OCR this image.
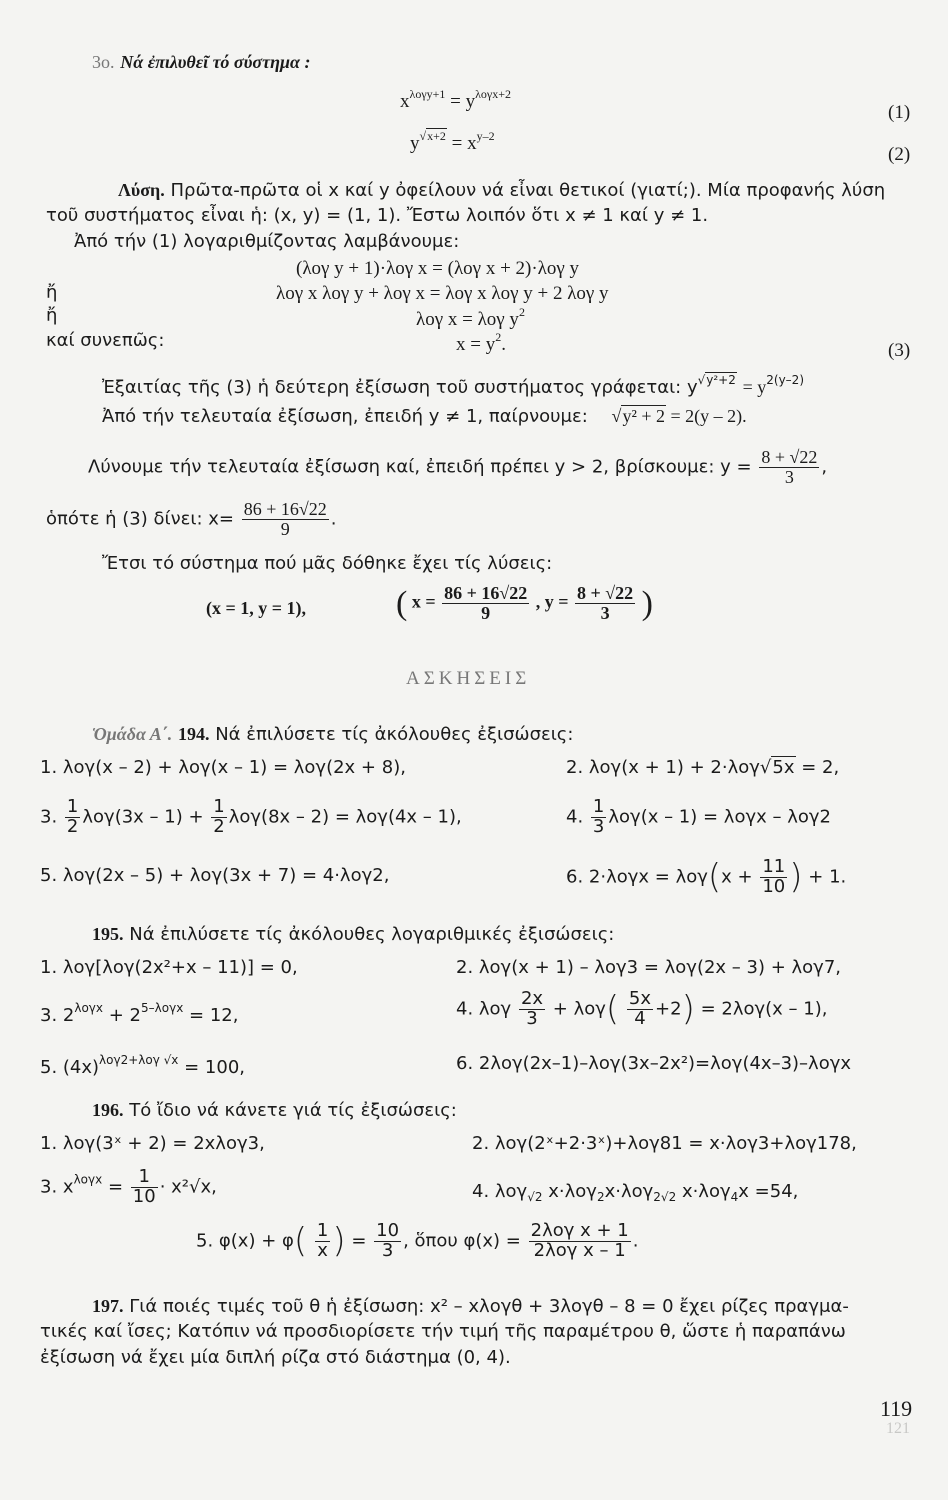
3ο. Νά ἐπιλυθεῖ τό σύστημα :
$x^{\lambda o\gamma y+1} = y^{\lambda o\gamma x+2}$
(1)
$y^{√x+2} = x^{y-2}$
(2)
Λύση. Πρῶτα-πρῶτα οἱ x καί y ὀφείλουν νά εἶναι θετικοί (γιατί;). Μία προφανής λύση
τοῦ συστήματος εἶναι ἡ: (x, y) = (1, 1). Ἔστω λοιπόν ὅτι x ≠ 1 καί y ≠ 1.
Ἀπό τήν (1) λογαριθμίζοντας λαμβάνουμε:
(λογ y + 1)·λογ x = (λογ x + 2)·λογ y
ἤ	λογ x λογ y + λογ x = λογ x λογ y + 2 λογ y
ἤ	λογ x = λογ $y^2$
καί συνεπῶς:	$x = y^2$.	(3)
Ἐξαιτίας τῆς (3) ἡ δεύτερη ἐξίσωση τοῦ συστήματος γράφεται: $y^{√y^2+2} = y^{2(y-2)}$
Ἀπό τήν τελευταία ἐξίσωση, ἐπειδή y ≠ 1, παίρνουμε: √y² + 2 = 2(y – 2).
Λύνουμε τήν τελευταία ἐξίσωση καί, ἐπειδή πρέπει y > 2, βρίσκουμε: $y = \frac{8 + √22}{3}$ ,
ὁπότε ἡ (3) δίνει: $x= \frac{86 + 16√22}{9}$ .
Ἔτσι τό σύστημα πού μᾶς δόθηκε ἔχει τίς λύσεις:
(x = 1, y = 1),	( $x = \frac{86 + 16√22}{9}$ , $y = \frac{8 + √22}{3}$ )
ΑΣΚΗΣΕΙΣ
Ὁμάδα Α΄. 194. Νά ἐπιλύσετε τίς ἀκόλουθες ἐξισώσεις:
1. λογ(x – 2) + λογ(x – 1) = λογ(2x + 8),	2. λογ(x + 1) + 2·λογ√5x = 2,
3. $\frac{1}{2} \lambda o\gamma(3x - 1) + \frac{1}{2} \lambda o\gamma(8x - 2) = \lambda o\gamma(4x - 1)$,	4. $\frac{1}{3} \lambda o\gamma(x - 1) = \lambda o\gamma x - \lambda o\gamma 2$
5. λογ(2x – 5) + λογ(3x + 7) = 4·λογ2,	6. $2\cdot\lambda o\gamma x = \lambda o\gamma(x + \frac{11}{10}$ ) + 1.
195. Νά ἐπιλύσετε τίς ἀκόλουθες λογαριθμικές ἐξισώσεις:
1. λογ[λογ(2x²+x – 11)] = 0,	2. λογ(x + 1) – λογ3 = λογ(2x – 3) + λογ7,
3. $2^{\lambda o\gamma x} + 2^{5-\lambda o\gamma x} = 12$,	4. λογ $\frac{2x}{3} + \lambda o\gamma( \frac{5x}{4} +2) = 2\lambda o\gamma(x - 1)$,
5. $(4x)^{\lambda o\gamma 2+\lambda o\gamma √x} = 100$,	6. 2λογ(2x–1)–λογ(3x–2x²)=λογ(4x–3)–λογx
196. Τό ἴδιο νά κάνετε γιά τίς ἐξισώσεις:
1. λογ(3ˣ + 2) = 2xλογ3,	2. λογ(2ˣ+2·3ˣ)+λογ81 = x·λογ3+λογ178,
3. $x^{\lambda o\gamma x} = \frac{1}{10} \cdot x^2√x$,	4. λογ$_{√2}$ x·λογ$_2$x·λογ$_{2√2}$ x·λογ$_4$x =54,
5. $\varphi(x) + \varphi( \frac{1}{x}$ ) = $\frac{10}{3}$ , ὅπου $\varphi(x) = \frac{\text{2λογ x + 1}}{\text{2λογ x – 1}}$ .
197. Γιά ποιές τιμές τοῦ θ ἡ ἐξίσωση: x² – xλογθ + 3λογθ – 8 = 0 ἔχει ρίζες πραγμα-
τικές καί ἴσες; Κατόπιν νά προσδιορίσετε τήν τιμή τῆς παραμέτρου θ, ὥστε ἡ παραπάνω
ἐξίσωση νά ἔχει μία διπλή ρίζα στό διάστημα (0, 4).
119
121
